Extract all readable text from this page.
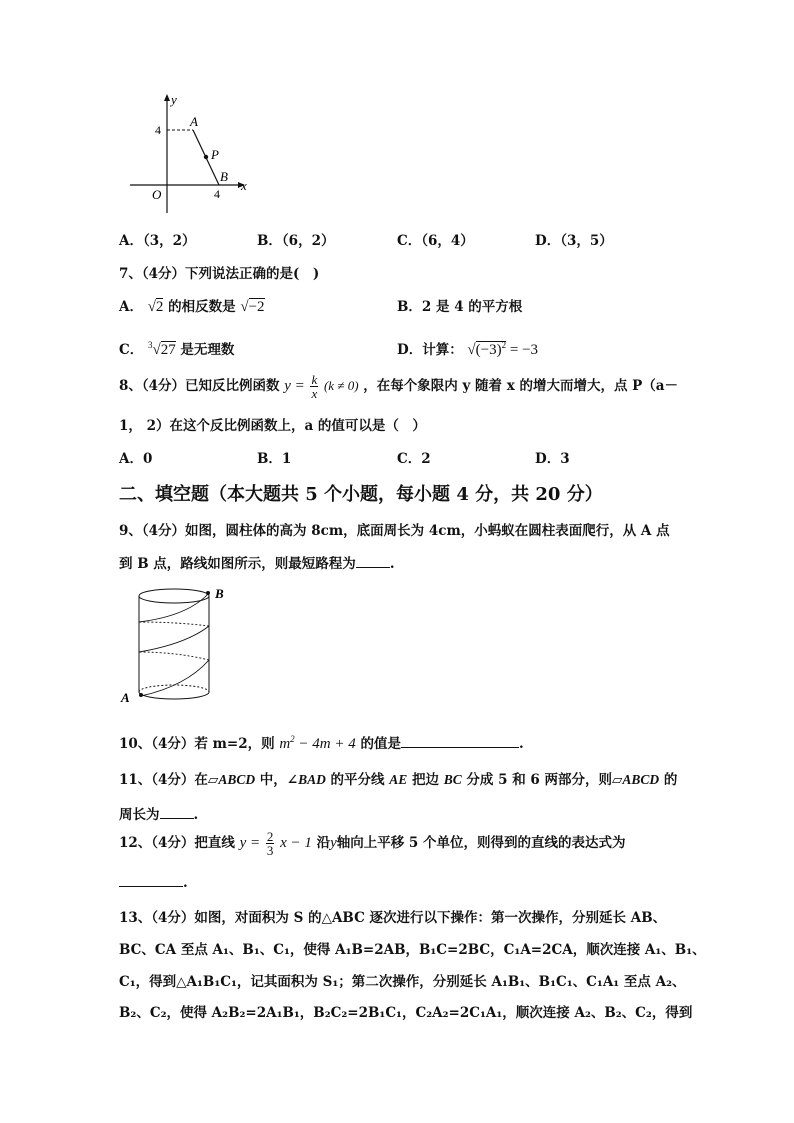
y
x
O
4
4
A
P
B
A．（3，2）	B．（6，2）	C．（6，4）	D．（3，5）
7、（4分）下列说法正确的是(　)
A． √2 的相反数是 √−2	B．2 是 4 的平方根
C． $^3$√27 是无理数	D．计算： $√(-3)^2 = -3$
8、（4分）已知反比例函数 $y = \frac{k}{x} (k \ne 0)$ ，在每个象限内 y 随着 x 的增大而增大，点 P（a－
1， 2）在这个反比例函数上，a 的值可以是（　）
A．0	B．1	C．2	D．3
二、填空题（本大题共 5 个小题，每小题 4 分，共 20 分）
9、（4分）如图，圆柱体的高为 8cm，底面周长为 4cm，小蚂蚁在圆柱表面爬行，从 A 点
到 B 点，路线如图所示，则最短路程为	.
B
A
10、（4分）若 m=2，则 $m^2 - 4m + 4$ 的值是	.
11、（4分）在▱ABCD 中，∠BAD 的平分线 AE 把边 BC 分成 5 和 6 两部分，则▱ABCD 的
周长为	.
12、（4分）把直线 $y = \frac{2}{3}$ x − 1 沿y轴向上平移 5 个单位，则得到的直线的表达式为
.
13、（4分）如图，对面积为 S 的△ABC 逐次进行以下操作：第一次操作，分别延长 AB、
BC、CA 至点 A₁、B₁、C₁，使得 A₁B=2AB，B₁C=2BC，C₁A=2CA，顺次连接 A₁、B₁、
C₁，得到△A₁B₁C₁，记其面积为 S₁；第二次操作，分别延长 A₁B₁、B₁C₁、C₁A₁ 至点 A₂、
B₂、C₂，使得 A₂B₂=2A₁B₁，B₂C₂=2B₁C₁，C₂A₂=2C₁A₁，顺次连接 A₂、B₂、C₂，得到
